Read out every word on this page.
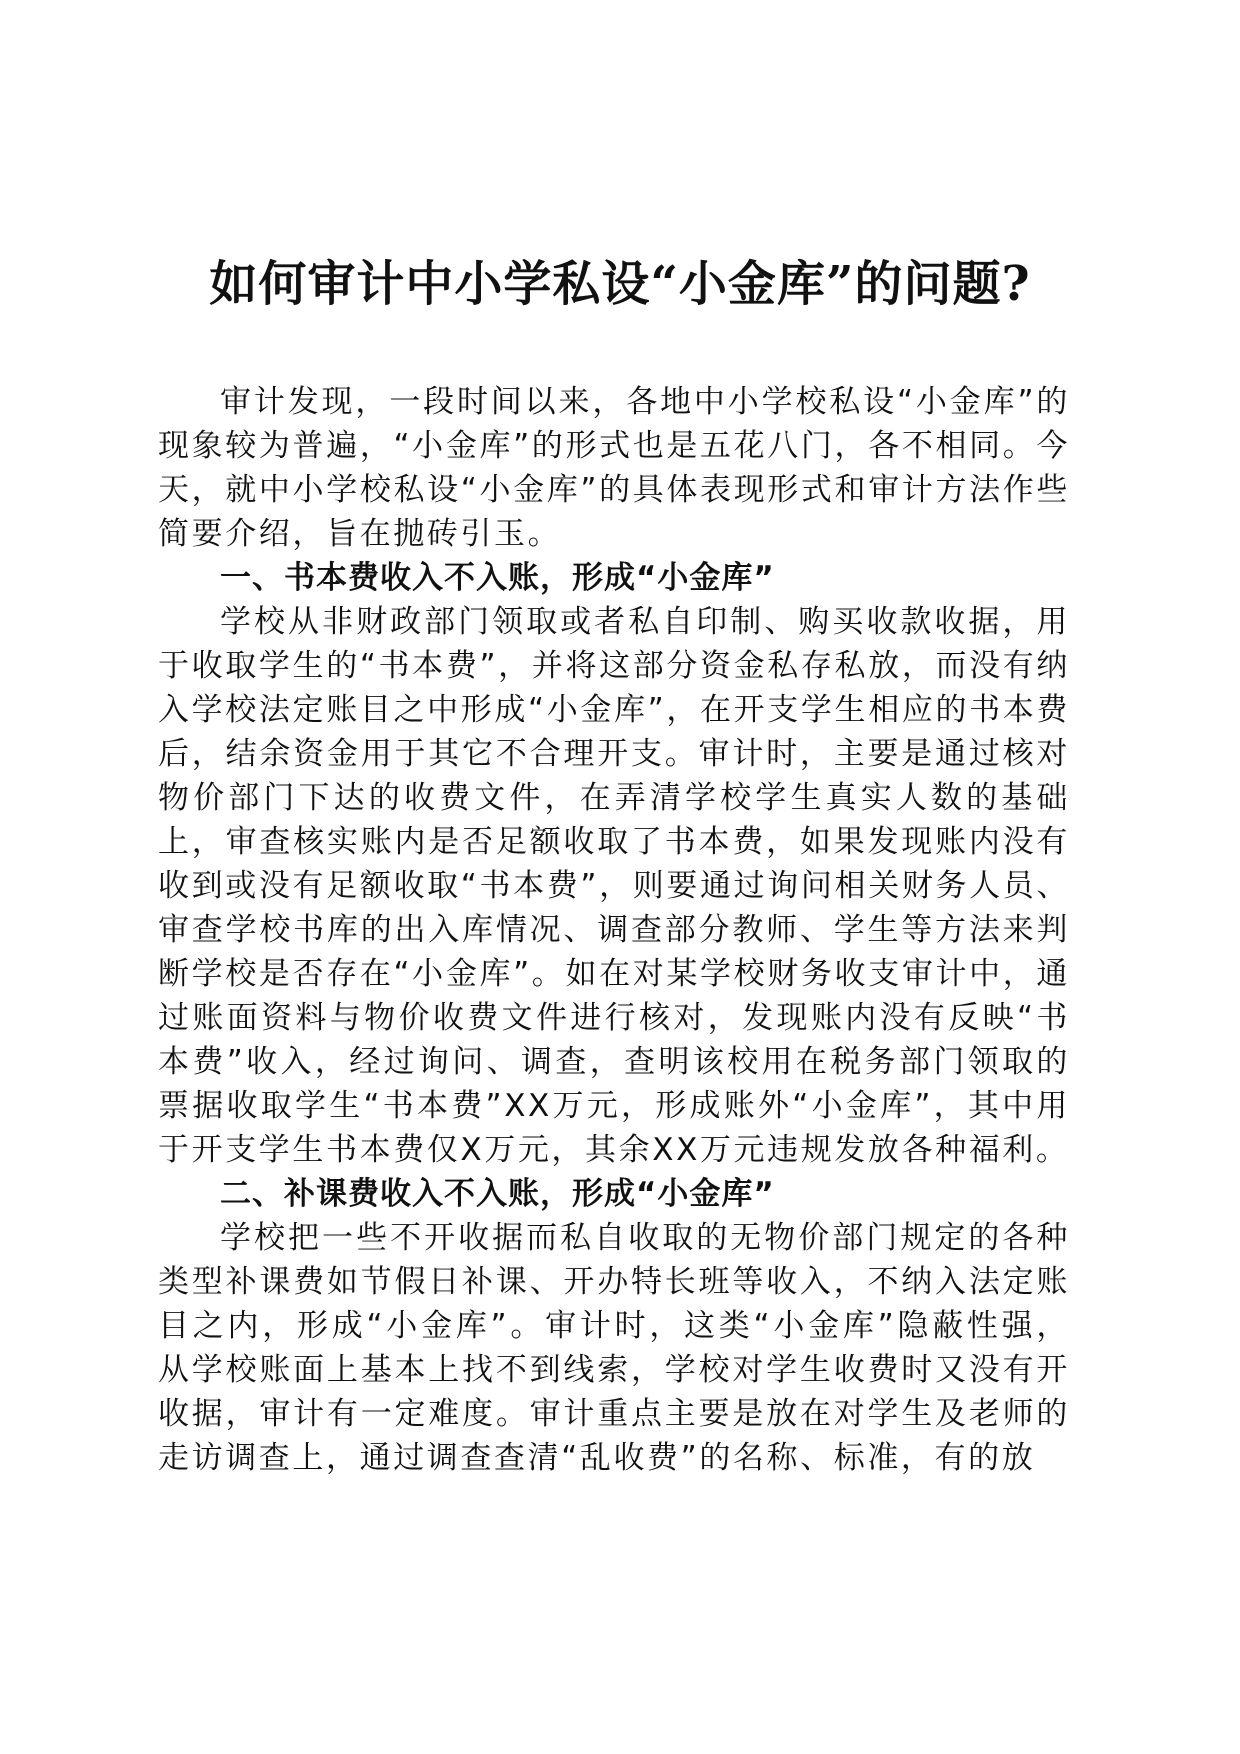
如何审计中小学私设“小金库”的问题?

审计发现，一段时间以来，各地中小学校私设“小金库”的现象较为普遍，“小金库”的形式也是五花八门，各不相同。今天，就中小学校私设“小金库”的具体表现形式和审计方法作些简要介绍，旨在抛砖引玉。

一、书本费收入不入账，形成“小金库”

学校从非财政部门领取或者私自印制、购买收款收据，用于收取学生的“书本费”，并将这部分资金私存私放，而没有纳入学校法定账目之中形成“小金库”，在开支学生相应的书本费后，结余资金用于其它不合理开支。审计时，主要是通过核对物价部门下达的收费文件，在弄清学校学生真实人数的基础上，审查核实账内是否足额收取了书本费，如果发现账内没有收到或没有足额收取“书本费”，则要通过询问相关财务人员、审查学校书库的出入库情况、调查部分教师、学生等方法来判断学校是否存在“小金库”。如在对某学校财务收支审计中，通过账面资料与物价收费文件进行核对，发现账内没有反映“书本费”收入，经过询问、调查，查明该校用在税务部门领取的票据收取学生“书本费”XX万元，形成账外“小金库”，其中用于开支学生书本费仅X万元，其余XX万元违规发放各种福利。

二、补课费收入不入账，形成“小金库”

学校把一些不开收据而私自收取的无物价部门规定的各种类型补课费如节假日补课、开办特长班等收入，不纳入法定账目之内，形成“小金库”。审计时，这类“小金库”隐蔽性强，从学校账面上基本上找不到线索，学校对学生收费时又没有开收据，审计有一定难度。审计重点主要是放在对学生及老师的走访调查上，通过调查查清“乱收费”的名称、标准，有的放
